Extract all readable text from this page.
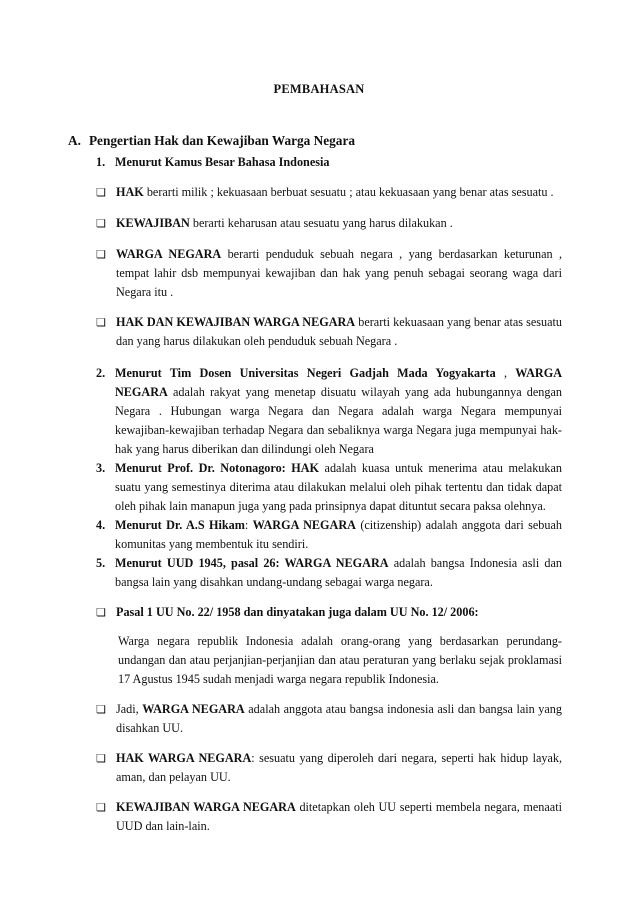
PEMBAHASAN
A. Pengertian Hak dan Kewajiban Warga Negara
1. Menurut Kamus Besar Bahasa Indonesia
❏ HAK berarti milik ; kekuasaan berbuat sesuatu ; atau kekuasaan yang benar atas sesuatu .
❏ KEWAJIBAN berarti keharusan atau sesuatu yang harus dilakukan .
❏ WARGA NEGARA berarti penduduk sebuah negara , yang berdasarkan keturunan , tempat lahir dsb mempunyai kewajiban dan hak yang penuh sebagai seorang waga dari Negara itu .
❏ HAK DAN KEWAJIBAN WARGA NEGARA berarti kekuasaan yang benar atas sesuatu dan yang harus dilakukan oleh penduduk sebuah Negara .
2. Menurut Tim Dosen Universitas Negeri Gadjah Mada Yogyakarta , WARGA NEGARA adalah rakyat yang menetap disuatu wilayah yang ada hubungannya dengan Negara . Hubungan warga Negara dan Negara adalah warga Negara mempunyai kewajiban-kewajiban terhadap Negara dan sebaliknya warga Negara juga mempunyai hak-hak yang harus diberikan dan dilindungi oleh Negara
3. Menurut Prof. Dr. Notonagoro: HAK adalah kuasa untuk menerima atau melakukan suatu yang semestinya diterima atau dilakukan melalui oleh pihak tertentu dan tidak dapat oleh pihak lain manapun juga yang pada prinsipnya dapat dituntut secara paksa olehnya.
4. Menurut Dr. A.S Hikam: WARGA NEGARA (citizenship) adalah anggota dari sebuah komunitas yang membentuk itu sendiri.
5. Menurut UUD 1945, pasal 26: WARGA NEGARA adalah bangsa Indonesia asli dan bangsa lain yang disahkan undang-undang sebagai warga negara.
❏ Pasal 1 UU No. 22/ 1958 dan dinyatakan juga dalam UU No. 12/ 2006:
Warga negara republik Indonesia adalah orang-orang yang berdasarkan perundang-undangan dan atau perjanjian-perjanjian dan atau peraturan yang berlaku sejak proklamasi 17 Agustus 1945 sudah menjadi warga negara republik Indonesia.
❏ Jadi, WARGA NEGARA adalah anggota atau bangsa indonesia asli dan bangsa lain yang disahkan UU.
❏ HAK WARGA NEGARA: sesuatu yang diperoleh dari negara, seperti hak hidup layak, aman, dan pelayan UU.
❏ KEWAJIBAN WARGA NEGARA ditetapkan oleh UU seperti membela negara, menaati UUD dan lain-lain.
